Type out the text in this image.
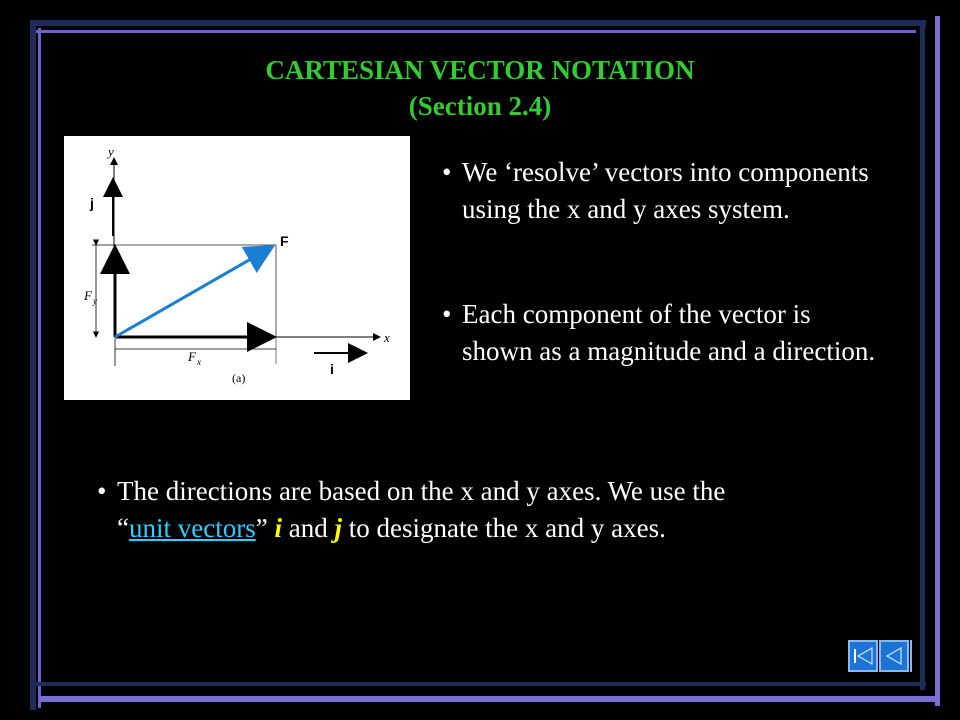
CARTESIAN VECTOR NOTATION
(Section 2.4)
y
x
j
i
F
F y
F x
(a)
• We ‘resolve’ vectors into components using the x and y axes system.
• Each component of the vector is shown as a magnitude and a direction.
• The directions are based on the x and y axes. We use the
“unit vectors” i and j to designate the x and y axes.
